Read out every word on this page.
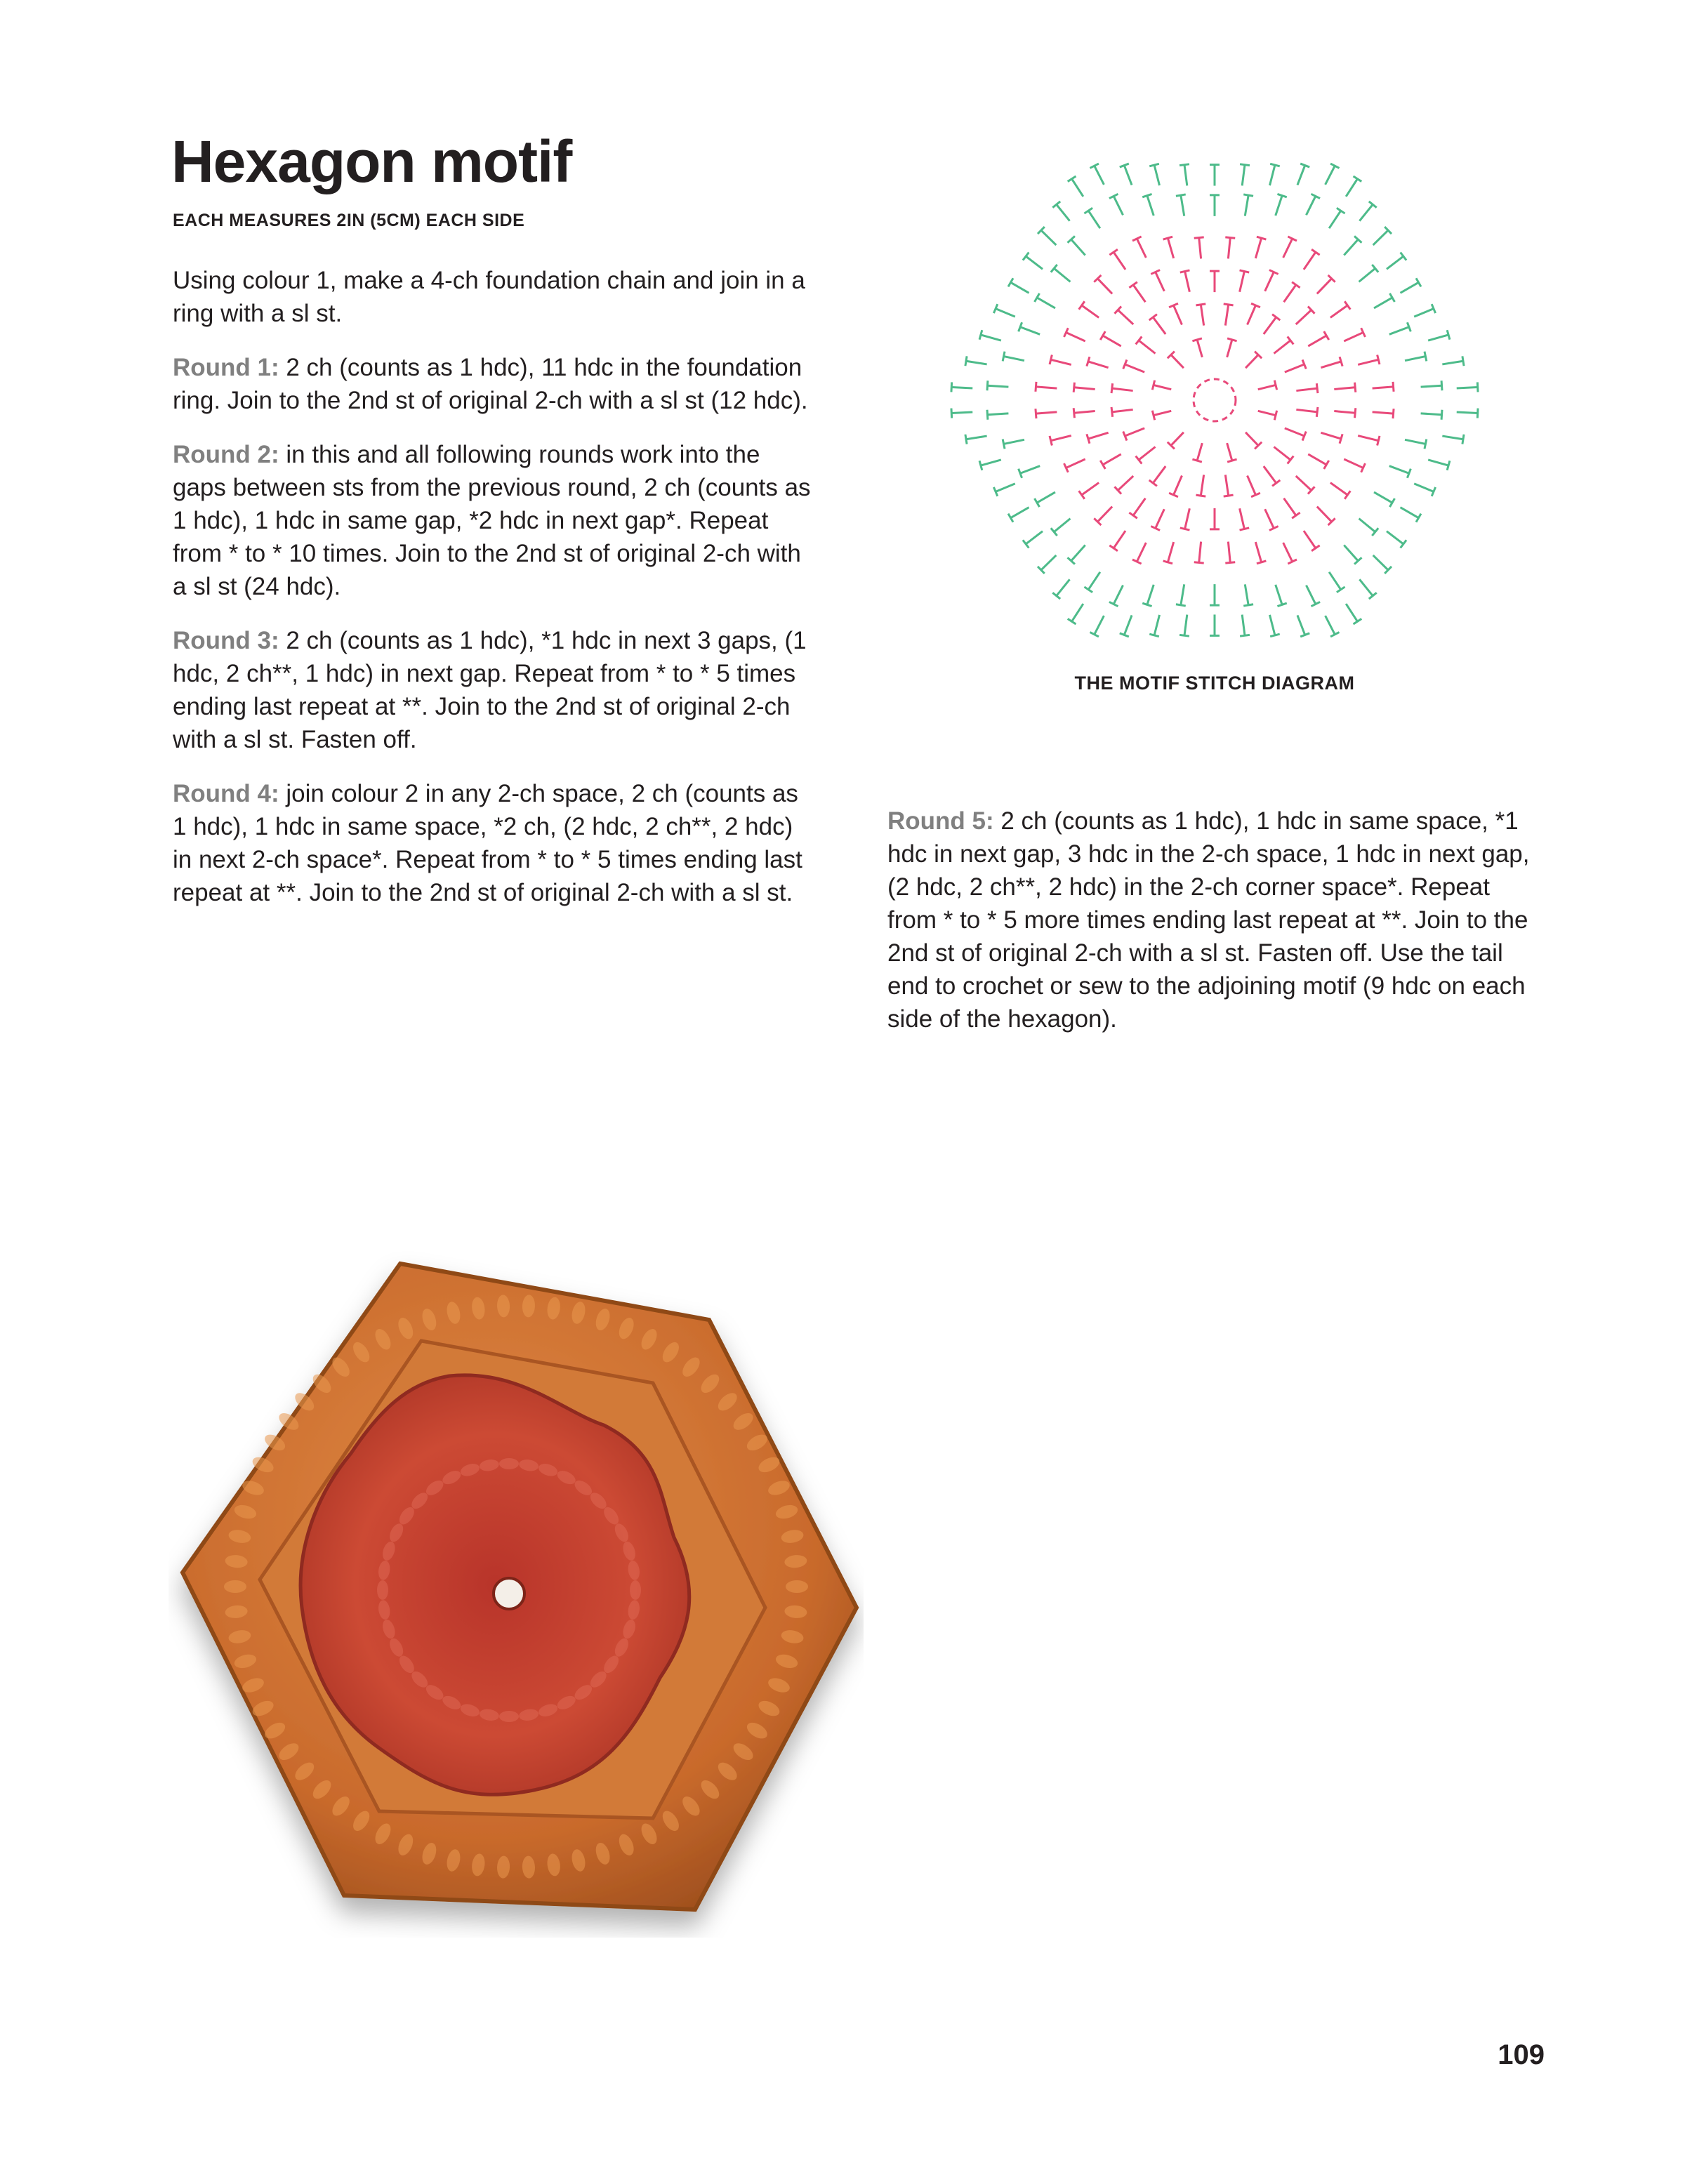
Hexagon motif

EACH MEASURES 2IN (5CM) EACH SIDE

Using colour 1, make a 4-ch foundation chain and join in a ring with a sl st.

Round 1: 2 ch (counts as 1 hdc), 11 hdc in the foundation ring. Join to the 2nd st of original 2-ch with a sl st (12 hdc).

Round 2: in this and all following rounds work into the gaps between sts from the previous round, 2 ch (counts as 1 hdc), 1 hdc in same gap, *2 hdc in next gap*. Repeat from * to * 10 times. Join to the 2nd st of original 2-ch with a sl st (24 hdc).

Round 3: 2 ch (counts as 1 hdc), *1 hdc in next 3 gaps, (1 hdc, 2 ch**, 1 hdc) in next gap. Repeat from * to * 5 times ending last repeat at **. Join to the 2nd st of original 2-ch with a sl st. Fasten off.

Round 4: join colour 2 in any 2-ch space, 2 ch (counts as 1 hdc), 1 hdc in same space, *2 ch, (2 hdc, 2 ch**, 2 hdc) in next 2-ch space*. Repeat from * to * 5 times ending last repeat at **. Join to the 2nd st of original 2-ch with a sl st.

THE MOTIF STITCH DIAGRAM

Round 5: 2 ch (counts as 1 hdc), 1 hdc in same space, *1 hdc in next gap, 3 hdc in the 2-ch space, 1 hdc in next gap, (2 hdc, 2 ch**, 2 hdc) in the 2-ch corner space*. Repeat from * to * 5 more times ending last repeat at **. Join to the 2nd st of original 2-ch with a sl st. Fasten off. Use the tail end to crochet or sew to the adjoining motif (9 hdc on each side of the hexagon).

109
